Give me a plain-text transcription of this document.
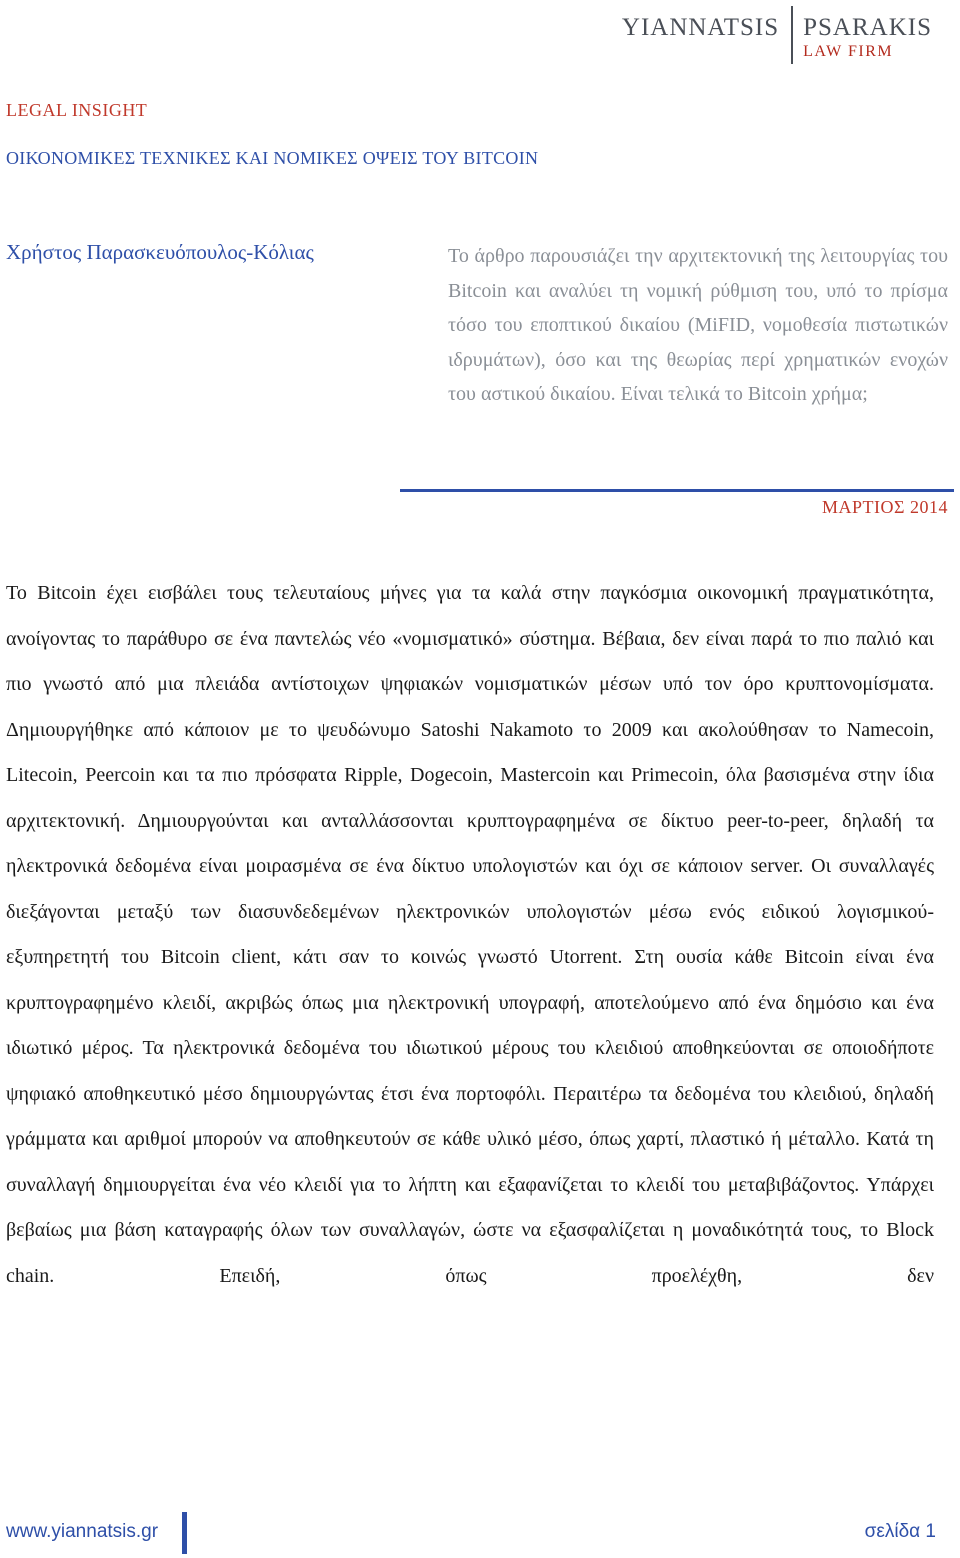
YIANNATSIS PSARAKIS
LAW FIRM
LEGAL INSIGHT
ΟΙΚΟΝΟΜΙΚΕΣ ΤΕΧΝΙΚΕΣ ΚΑΙ ΝΟΜΙΚΕΣ ΟΨΕΙΣ ΤΟΥ BITCOIN
Χρήστος Παρασκευόπουλος-Κόλιας	Το άρθρο παρουσιάζει την αρχιτεκτονική της λειτουργίας του Bitcoin και αναλύει τη νομική ρύθμιση του, υπό το πρίσμα τόσο του εποπτικού δικαίου (MiFID, νομοθεσία πιστωτικών ιδρυμάτων), όσο και της θεωρίας περί χρηματικών ενοχών του αστικού δικαίου. Είναι τελικά το Bitcoin χρήμα;
ΜΑΡΤΙΟΣ 2014
Το Bitcoin έχει εισβάλει τους τελευταίους μήνες για τα καλά στην παγκόσμια οικονομική πραγματικότητα, ανοίγοντας το παράθυρο σε ένα παντελώς νέο «νομισματικό» σύστημα. Βέβαια, δεν είναι παρά το πιο παλιό και πιο γνωστό από μια πλειάδα αντίστοιχων ψηφιακών νομισματικών μέσων υπό τον όρο κρυπτονομίσματα. Δημιουργήθηκε από κάποιον με το ψευδώνυμο Satoshi Nakamoto το 2009 και ακολούθησαν το Namecoin, Litecoin, Peercoin και τα πιο πρόσφατα Ripple, Dogecoin, Mastercoin και Primecoin, όλα βασισμένα στην ίδια αρχιτεκτονική. Δημιουργούνται και ανταλλάσσονται κρυπτογραφημένα σε δίκτυο peer-to-peer, δηλαδή τα ηλεκτρονικά δεδομένα είναι μοιρασμένα σε ένα δίκτυο υπολογιστών και όχι σε κάποιον server. Οι συναλλαγές διεξάγονται μεταξύ των διασυνδεδεμένων ηλεκτρονικών υπολογιστών μέσω ενός ειδικού λογισμικού-εξυπηρετητή του Bitcoin client, κάτι σαν το κοινώς γνωστό Utorrent. Στη ουσία κάθε Bitcoin είναι ένα κρυπτογραφημένο κλειδί, ακριβώς όπως μια ηλεκτρονική υπογραφή, αποτελούμενο από ένα δημόσιο και ένα ιδιωτικό μέρος. Τα ηλεκτρονικά δεδομένα του ιδιωτικού μέρους του κλειδιού αποθηκεύονται σε οποιοδήποτε ψηφιακό αποθηκευτικό μέσο δημιουργώντας έτσι ένα πορτοφόλι. Περαιτέρω τα δεδομένα του κλειδιού, δηλαδή γράμματα και αριθμοί μπορούν να αποθηκευτούν σε κάθε υλικό μέσο, όπως χαρτί, πλαστικό ή μέταλλο. Κατά τη συναλλαγή δημιουργείται ένα νέο κλειδί για το λήπτη και εξαφανίζεται το κλειδί του μεταβιβάζοντος. Υπάρχει βεβαίως μια βάση καταγραφής όλων των συναλλαγών, ώστε να εξασφαλίζεται η μοναδικότητά τους, το Block chain. Επειδή, όπως προελέχθη, δεν
www.yiannatsis.gr	σελίδα 1
